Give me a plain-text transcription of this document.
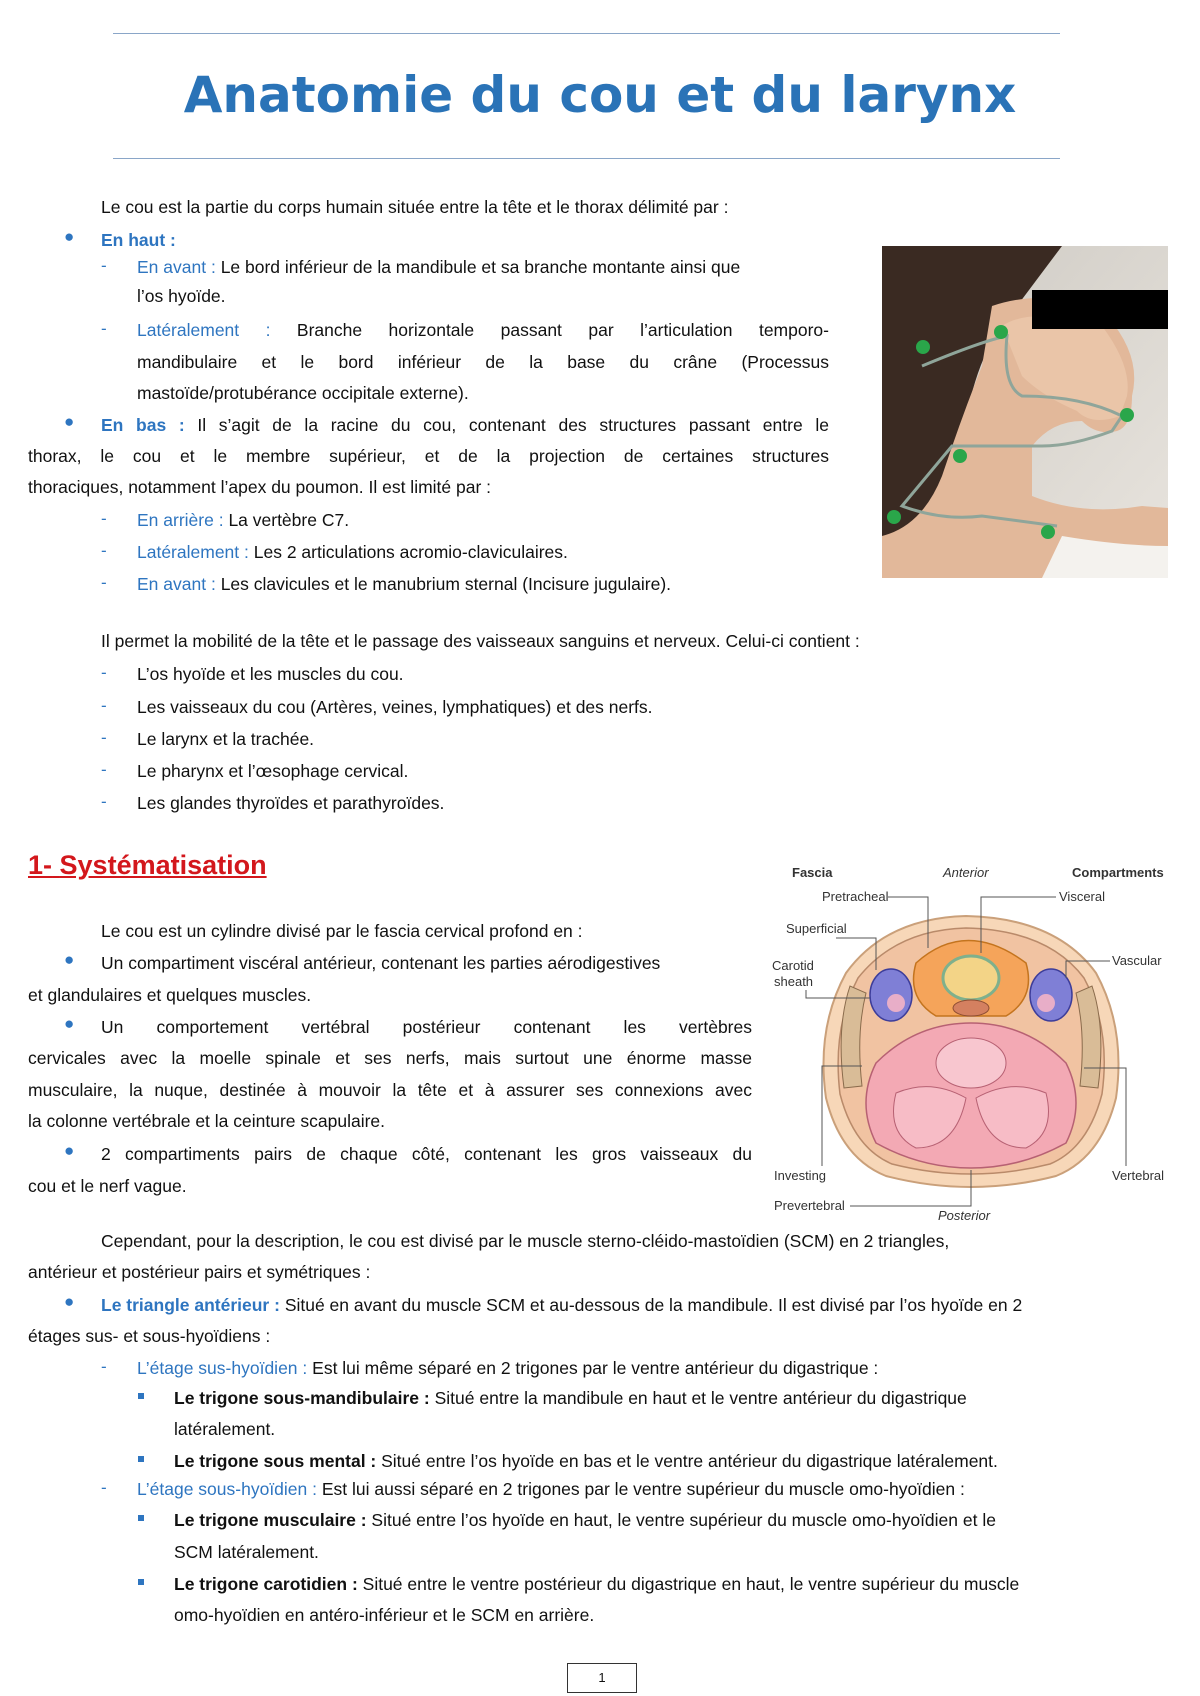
Anatomie du cou et du larynx
Le cou est la partie du corps humain située entre la tête et le thorax délimité par :
● En haut :
- En avant : Le bord inférieur de la mandibule et sa branche montante ainsi que
l’os hyoïde.
- Latéralement : Branche horizontale passant par l’articulation temporo-
mandibulaire et le bord inférieur de la base du crâne (Processus
mastoïde/protubérance occipitale externe).
● En bas : Il s’agit de la racine du cou, contenant des structures passant entre le
thorax, le cou et le membre supérieur, et de la projection de certaines structures
thoraciques, notamment l’apex du poumon. Il est limité par :
- En arrière : La vertèbre C7.
- Latéralement : Les 2 articulations acromio-claviculaires.
- En avant : Les clavicules et le manubrium sternal (Incisure jugulaire).
Il permet la mobilité de la tête et le passage des vaisseaux sanguins et nerveux. Celui-ci contient :
- L’os hyoïde et les muscles du cou.
- Les vaisseaux du cou (Artères, veines, lymphatiques) et des nerfs.
- Le larynx et la trachée.
- Le pharynx et l’œsophage cervical.
- Les glandes thyroïdes et parathyroïdes.
1- Systématisation
Le cou est un cylindre divisé par le fascia cervical profond en :
● Un compartiment viscéral antérieur, contenant les parties aérodigestives
et glandulaires et quelques muscles.
● Un comportement vertébral postérieur contenant les vertèbres
cervicales avec la moelle spinale et ses nerfs, mais surtout une énorme masse
musculaire, la nuque, destinée à mouvoir la tête et à assurer ses connexions avec
la colonne vertébrale et la ceinture scapulaire.
● 2 compartiments pairs de chaque côté, contenant les gros vaisseaux du
cou et le nerf vague.
Fascia	Anterior	Compartments
Pretracheal	Visceral
Superficial
Carotid
sheath
Vascular
Investing	Vertebral
Prevertebral
Posterior
Cependant, pour la description, le cou est divisé par le muscle sterno-cléido-mastoïdien (SCM) en 2 triangles,
antérieur et postérieur pairs et symétriques :
● Le triangle antérieur : Situé en avant du muscle SCM et au-dessous de la mandibule. Il est divisé par l’os hyoïde en 2
étages sus- et sous-hyoïdiens :
- L’étage sus-hyoïdien : Est lui même séparé en 2 trigones par le ventre antérieur du digastrique :
Le trigone sous-mandibulaire : Situé entre la mandibule en haut et le ventre antérieur du digastrique
latéralement.
Le trigone sous mental : Situé entre l’os hyoïde en bas et le ventre antérieur du digastrique latéralement.
- L’étage sous-hyoïdien : Est lui aussi séparé en 2 trigones par le ventre supérieur du muscle omo-hyoïdien :
Le trigone musculaire : Situé entre l’os hyoïde en haut, le ventre supérieur du muscle omo-hyoïdien et le
SCM latéralement.
Le trigone carotidien : Situé entre le ventre postérieur du digastrique en haut, le ventre supérieur du muscle
omo-hyoïdien en antéro-inférieur et le SCM en arrière.
1
